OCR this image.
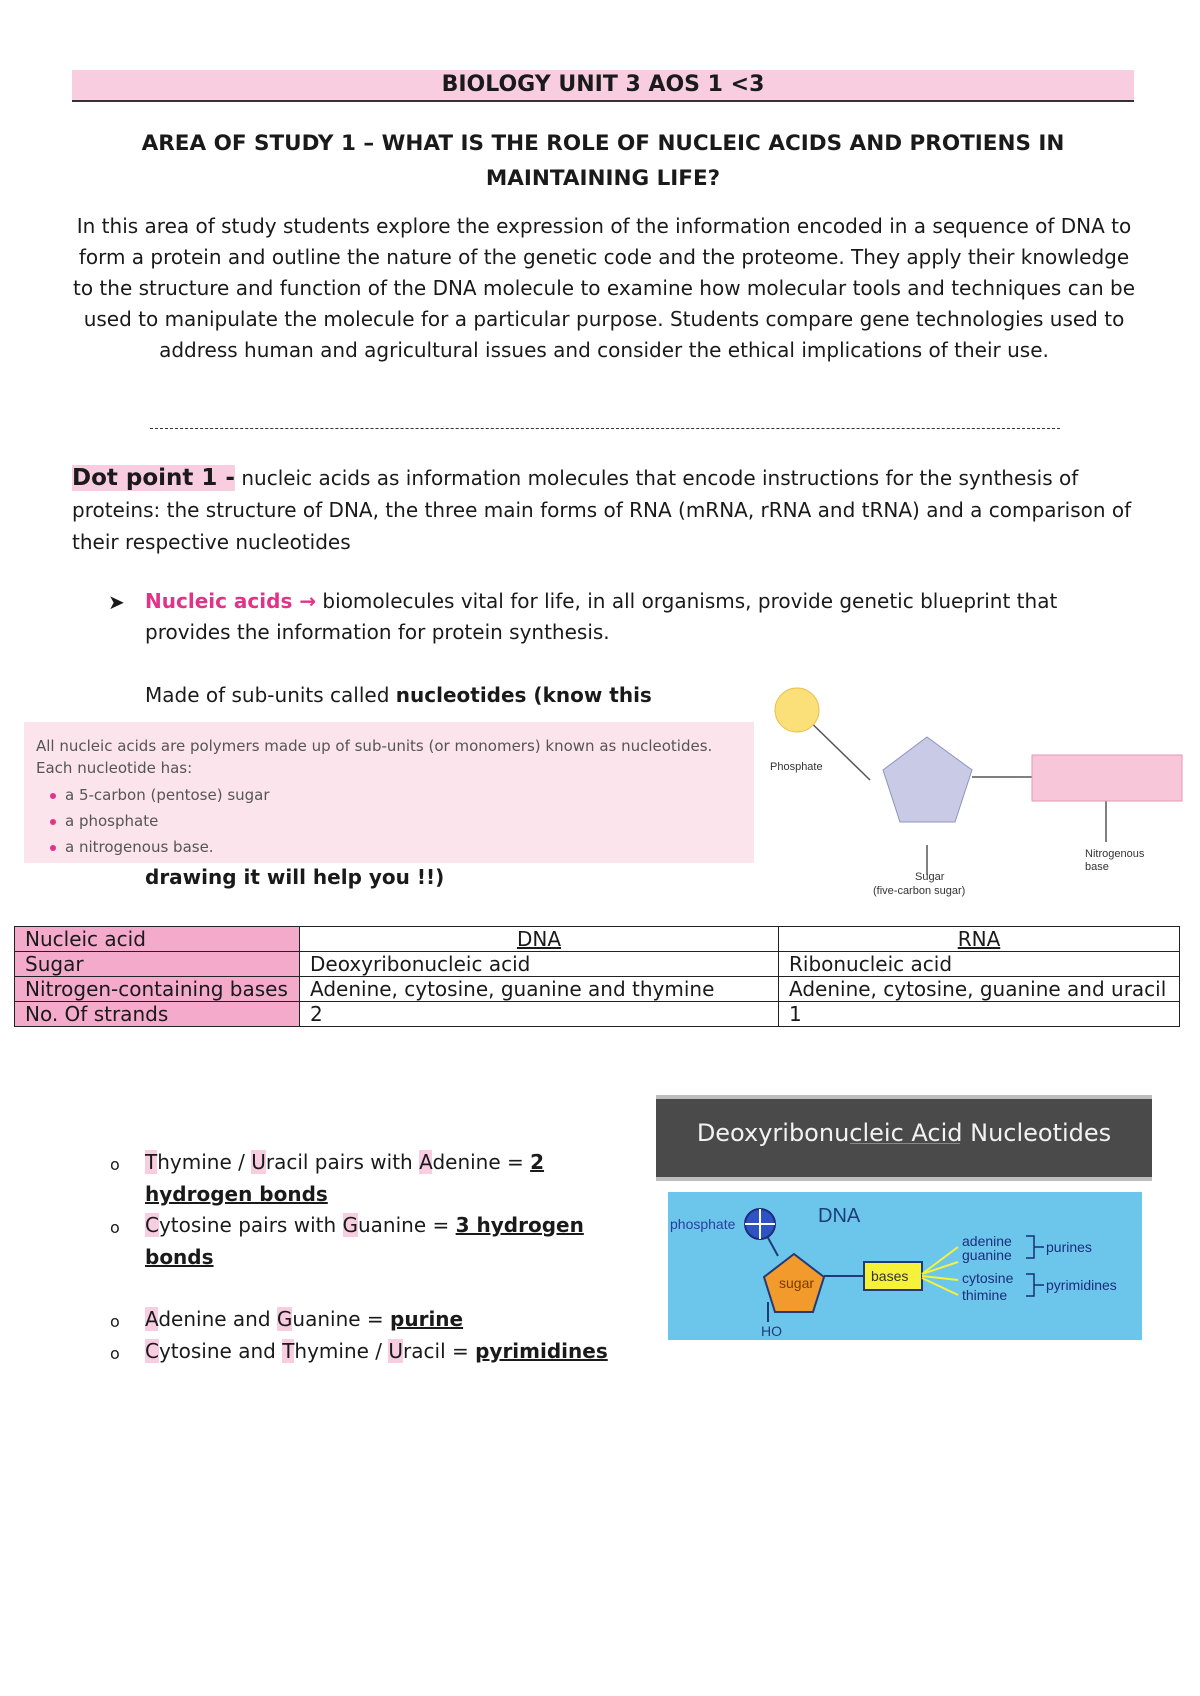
BIOLOGY UNIT 3 AOS 1 <3
AREA OF STUDY 1 – WHAT IS THE ROLE OF NUCLEIC ACIDS AND PROTIENS IN MAINTAINING LIFE?
In this area of study students explore the expression of the information encoded in a sequence of DNA to form a protein and outline the nature of the genetic code and the proteome. They apply their knowledge to the structure and function of the DNA molecule to examine how molecular tools and techniques can be used to manipulate the molecule for a particular purpose. Students compare gene technologies used to address human and agricultural issues and consider the ethical implications of their use.
Dot point 1 - nucleic acids as information molecules that encode instructions for the synthesis of proteins: the structure of DNA, the three main forms of RNA (mRNA, rRNA and tRNA) and a comparison of their respective nucleotides
➤ Nucleic acids → biomolecules vital for life, in all organisms, provide genetic blueprint that provides the information for protein synthesis.
Made of sub-units called nucleotides (know this
All nucleic acids are polymers made up of sub-units (or monomers) known as nucleotides. Each nucleotide has:
a 5-carbon (pentose) sugar
a phosphate
a nitrogenous base.
drawing it will help you !!)
Phosphate
Sugar
(five-carbon sugar)
Nitrogenous
base
Nucleic acid	DNA	RNA
Sugar	Deoxyribonucleic acid	Ribonucleic acid
Nitrogen-containing bases	Adenine, cytosine, guanine and thymine	Adenine, cytosine, guanine and uracil
No. Of strands	2	1
o Thymine / Uracil pairs with Adenine = 2 hydrogen bonds
o Cytosine pairs with Guanine = 3 hydrogen bonds
o Adenine and Guanine = purine
o Cytosine and Thymine / Uracil = pyrimidines
Deoxyribonucleic Acid Nucleotides
DNA
phosphate
sugar	bases
HO
adenine
guanine
cytosine
thimine
purines
pyrimidines
